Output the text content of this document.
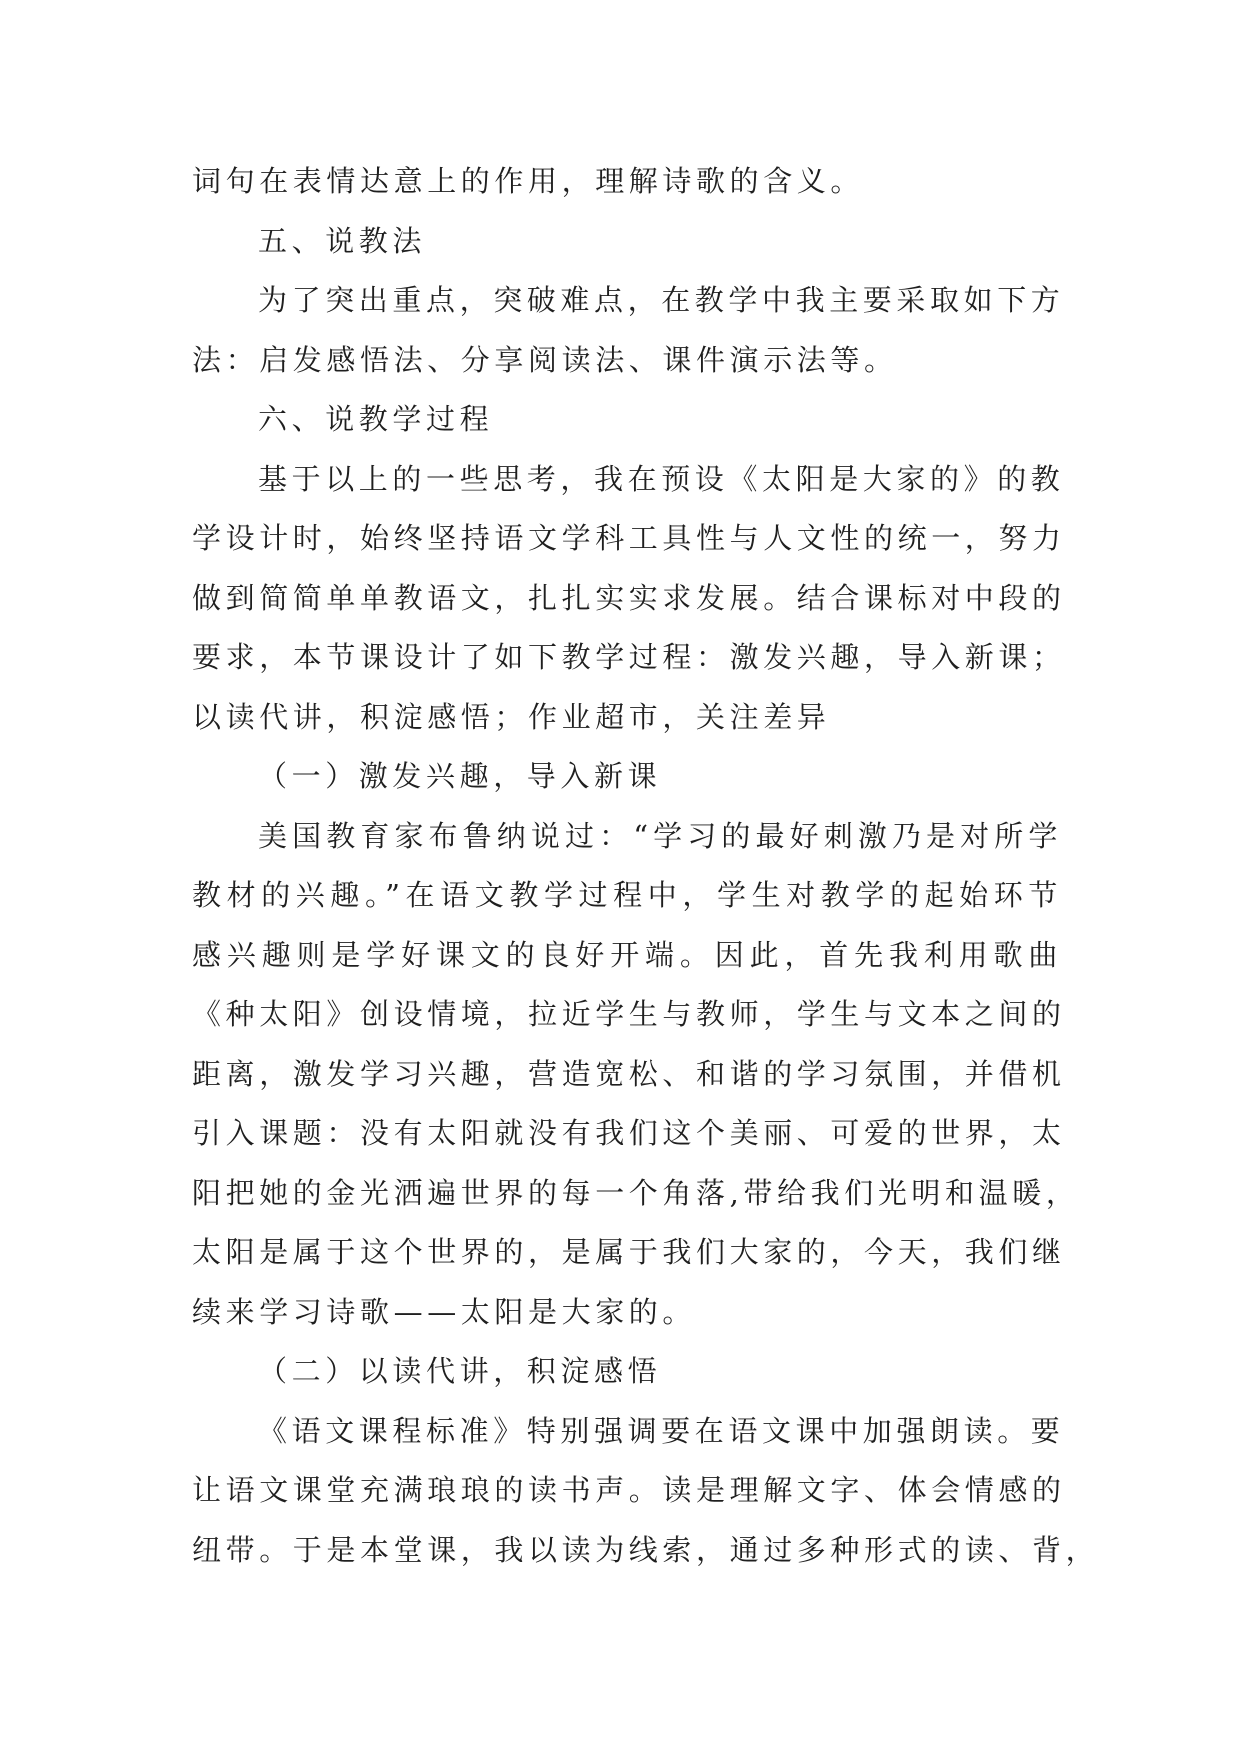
词句在表情达意上的作用，理解诗歌的含义。
五、说教法
为了突出重点，突破难点，在教学中我主要采取如下方
法：启发感悟法、分享阅读法、课件演示法等。
六、说教学过程
基于以上的一些思考，我在预设《太阳是大家的》的教
学设计时，始终坚持语文学科工具性与人文性的统一，努力
做到简简单单教语文，扎扎实实求发展。结合课标对中段的
要求，本节课设计了如下教学过程：激发兴趣，导入新课；
以读代讲，积淀感悟；作业超市，关注差异
（一）激发兴趣，导入新课
美国教育家布鲁纳说过：“学习的最好刺激乃是对所学
教材的兴趣。”在语文教学过程中，学生对教学的起始环节
感兴趣则是学好课文的良好开端。因此，首先我利用歌曲
《种太阳》创设情境，拉近学生与教师，学生与文本之间的
距离，激发学习兴趣，营造宽松、和谐的学习氛围，并借机
引入课题：没有太阳就没有我们这个美丽、可爱的世界，太
阳把她的金光洒遍世界的每一个角落,带给我们光明和温暖，
太阳是属于这个世界的，是属于我们大家的，今天，我们继
续来学习诗歌——太阳是大家的。
（二）以读代讲，积淀感悟
《语文课程标准》特别强调要在语文课中加强朗读。要
让语文课堂充满琅琅的读书声。读是理解文字、体会情感的
纽带。于是本堂课，我以读为线索，通过多种形式的读、背，
